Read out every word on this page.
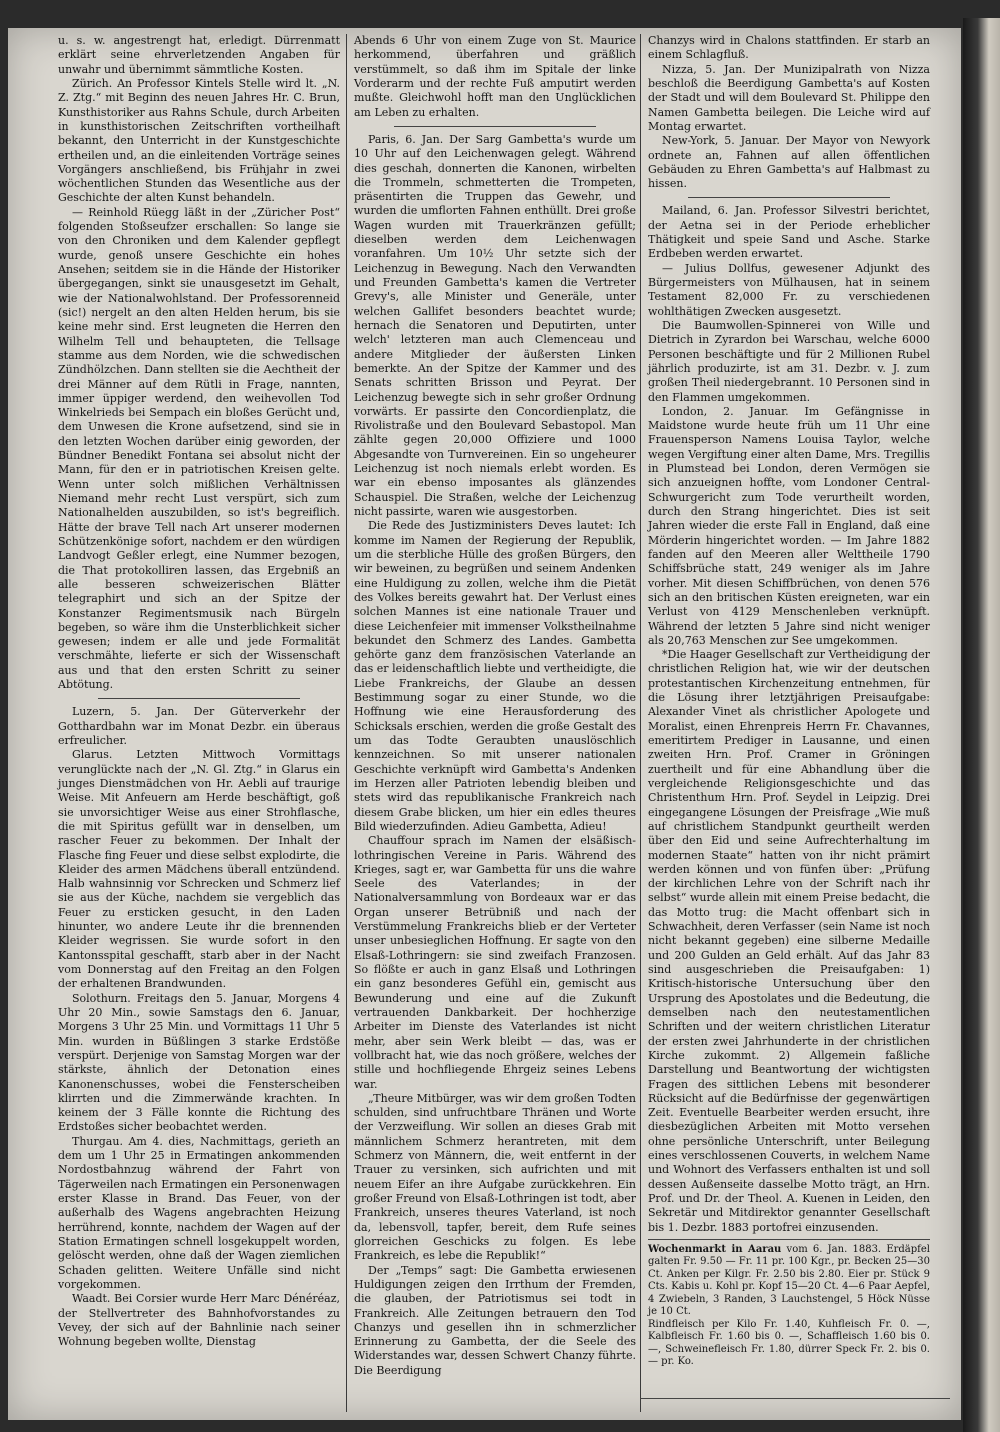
u. s. w. angestrengt hat, erledigt. Dürrenmatt erklärt seine ehrverletzenden Angaben für unwahr und übernimmt sämmtliche Kosten.

Zürich. An Professor Kintels Stelle wird lt. „N. Z. Ztg.“ mit Beginn des neuen Jahres Hr. C. Brun, Kunsthistoriker aus Rahns Schule, durch Arbeiten in kunsthistorischen Zeitschriften vortheilhaft bekannt, den Unterricht in der Kunstgeschichte ertheilen und, an die einleitenden Vorträge seines Vorgängers anschließend, bis Frühjahr in zwei wöchentlichen Stunden das Wesentliche aus der Geschichte der alten Kunst behandeln.

— Reinhold Rüegg läßt in der „Züricher Post“ folgenden Stoßseufzer erschallen: So lange sie von den Chroniken und dem Kalender gepflegt wurde, genoß unsere Geschichte ein hohes Ansehen; seitdem sie in die Hände der Historiker übergegangen, sinkt sie unausgesetzt im Gehalt, wie der Nationalwohlstand. Der Professorenneid (sic!) nergelt an den alten Helden herum, bis sie keine mehr sind. Erst leugneten die Herren den Wilhelm Tell und behaupteten, die Tellsage stamme aus dem Norden, wie die schwedischen Zündhölzchen. Dann stellten sie die Aechtheit der drei Männer auf dem Rütli in Frage, nannten, immer üppiger werdend, den weihevollen Tod Winkelrieds bei Sempach ein bloßes Gerücht und, dem Unwesen die Krone aufsetzend, sind sie in den letzten Wochen darüber einig geworden, der Bündner Benedikt Fontana sei absolut nicht der Mann, für den er in patriotischen Kreisen gelte. Wenn unter solch mißlichen Verhältnissen Niemand mehr recht Lust verspürt, sich zum Nationalhelden auszubilden, so ist's begreiflich. Hätte der brave Tell nach Art unserer modernen Schützenkönige sofort, nachdem er den würdigen Landvogt Geßler erlegt, eine Nummer bezogen, die That protokolliren lassen, das Ergebniß an alle besseren schweizerischen Blätter telegraphirt und sich an der Spitze der Konstanzer Regimentsmusik nach Bürgeln begeben, so wäre ihm die Unsterblichkeit sicher gewesen; indem er alle und jede Formalität verschmähte, lieferte er sich der Wissenschaft aus und that den ersten Schritt zu seiner Abtötung.

Luzern, 5. Jan. Der Güterverkehr der Gotthardbahn war im Monat Dezbr. ein überaus erfreulicher.

Glarus. Letzten Mittwoch Vormittags verunglückte nach der „N. Gl. Ztg.“ in Glarus ein junges Dienstmädchen von Hr. Aebli auf traurige Weise. Mit Anfeuern am Herde beschäftigt, goß sie unvorsichtiger Weise aus einer Strohflasche, die mit Spiritus gefüllt war in denselben, um rascher Feuer zu bekommen. Der Inhalt der Flasche fing Feuer und diese selbst explodirte, die Kleider des armen Mädchens überall entzündend. Halb wahnsinnig vor Schrecken und Schmerz lief sie aus der Küche, nachdem sie vergeblich das Feuer zu ersticken gesucht, in den Laden hinunter, wo andere Leute ihr die brennenden Kleider wegrissen. Sie wurde sofort in den Kantonsspital geschafft, starb aber in der Nacht vom Donnerstag auf den Freitag an den Folgen der erhaltenen Brandwunden.

Solothurn. Freitags den 5. Januar, Morgens 4 Uhr 20 Min., sowie Samstags den 6. Januar, Morgens 3 Uhr 25 Min. und Vormittags 11 Uhr 5 Min. wurden in Büßlingen 3 starke Erdstöße verspürt. Derjenige von Samstag Morgen war der stärkste, ähnlich der Detonation eines Kanonenschusses, wobei die Fensterscheiben klirrten und die Zimmerwände krachten. In keinem der 3 Fälle konnte die Richtung des Erdstoßes sicher beobachtet werden.

Thurgau. Am 4. dies, Nachmittags, gerieth an dem um 1 Uhr 25 in Ermatingen ankommenden Nordostbahnzug während der Fahrt von Tägerweilen nach Ermatingen ein Personenwagen erster Klasse in Brand. Das Feuer, von der außerhalb des Wagens angebrachten Heizung herrührend, konnte, nachdem der Wagen auf der Station Ermatingen schnell losgekuppelt worden, gelöscht werden, ohne daß der Wagen ziemlichen Schaden gelitten. Weitere Unfälle sind nicht vorgekommen.

Waadt. Bei Corsier wurde Herr Marc Dénéréaz, der Stellvertreter des Bahnhofvorstandes zu Vevey, der sich auf der Bahnlinie nach seiner Wohnung begeben wollte, Dienstag

Abends 6 Uhr von einem Zuge von St. Maurice herkommend, überfahren und gräßlich verstümmelt, so daß ihm im Spitale der linke Vorderarm und der rechte Fuß amputirt werden mußte. Gleichwohl hofft man den Unglücklichen am Leben zu erhalten.

Paris, 6. Jan. Der Sarg Gambetta's wurde um 10 Uhr auf den Leichenwagen gelegt. Während dies geschah, donnerten die Kanonen, wirbelten die Trommeln, schmetterten die Trompeten, präsentirten die Truppen das Gewehr, und wurden die umflorten Fahnen enthüllt. Drei große Wagen wurden mit Trauerkränzen gefüllt; dieselben werden dem Leichenwagen voranfahren. Um 10½ Uhr setzte sich der Leichenzug in Bewegung. Nach den Verwandten und Freunden Gambetta's kamen die Vertreter Grevy's, alle Minister und Generäle, unter welchen Gallifet besonders beachtet wurde; hernach die Senatoren und Deputirten, unter welch' letzteren man auch Clemenceau und andere Mitglieder der äußersten Linken bemerkte. An der Spitze der Kammer und des Senats schritten Brisson und Peyrat. Der Leichenzug bewegte sich in sehr großer Ordnung vorwärts. Er passirte den Concordienplatz, die Rivolistraße und den Boulevard Sebastopol. Man zählte gegen 20,000 Offiziere und 1000 Abgesandte von Turnvereinen. Ein so ungeheurer Leichenzug ist noch niemals erlebt worden. Es war ein ebenso imposantes als glänzendes Schauspiel. Die Straßen, welche der Leichenzug nicht passirte, waren wie ausgestorben.

Die Rede des Justizministers Deves lautet: Ich komme im Namen der Regierung der Republik, um die sterbliche Hülle des großen Bürgers, den wir beweinen, zu begrüßen und seinem Andenken eine Huldigung zu zollen, welche ihm die Pietät des Volkes bereits gewahrt hat. Der Verlust eines solchen Mannes ist eine nationale Trauer und diese Leichenfeier mit immenser Volkstheilnahme bekundet den Schmerz des Landes. Gambetta gehörte ganz dem französischen Vaterlande an das er leidenschaftlich liebte und vertheidigte, die Liebe Frankreichs, der Glaube an dessen Bestimmung sogar zu einer Stunde, wo die Hoffnung wie eine Herausforderung des Schicksals erschien, werden die große Gestalt des um das Todte Geraubten unauslöschlich kennzeichnen. So mit unserer nationalen Geschichte verknüpft wird Gambetta's Andenken im Herzen aller Patrioten lebendig bleiben und stets wird das republikanische Frankreich nach diesem Grabe blicken, um hier ein edles theures Bild wiederzufinden. Adieu Gambetta, Adieu!

Chauffour sprach im Namen der elsäßisch-lothringischen Vereine in Paris. Während des Krieges, sagt er, war Gambetta für uns die wahre Seele des Vaterlandes; in der Nationalversammlung von Bordeaux war er das Organ unserer Betrübniß und nach der Verstümmelung Frankreichs blieb er der Verteter unser unbesieglichen Hoffnung. Er sagte von den Elsaß-Lothringern: sie sind zweifach Franzosen. So flößte er auch in ganz Elsaß und Lothringen ein ganz besonderes Gefühl ein, gemischt aus Bewunderung und eine auf die Zukunft vertrauenden Dankbarkeit. Der hochherzige Arbeiter im Dienste des Vaterlandes ist nicht mehr, aber sein Werk bleibt — das, was er vollbracht hat, wie das noch größere, welches der stille und hochfliegende Ehrgeiz seines Lebens war.

„Theure Mitbürger, was wir dem großen Todten schulden, sind unfruchtbare Thränen und Worte der Verzweiflung. Wir sollen an dieses Grab mit männlichem Schmerz herantreten, mit dem Schmerz von Männern, die, weit entfernt in der Trauer zu versinken, sich aufrichten und mit neuem Eifer an ihre Aufgabe zurückkehren. Ein großer Freund von Elsaß-Lothringen ist todt, aber Frankreich, unseres theures Vaterland, ist noch da, lebensvoll, tapfer, bereit, dem Rufe seines glorreichen Geschicks zu folgen. Es lebe Frankreich, es lebe die Republik!“

Der „Temps“ sagt: Die Gambetta erwiesenen Huldigungen zeigen den Irrthum der Fremden, die glauben, der Patriotismus sei todt in Frankreich. Alle Zeitungen betrauern den Tod Chanzys und gesellen ihn in schmerzlicher Erinnerung zu Gambetta, der die Seele des Widerstandes war, dessen Schwert Chanzy führte. Die Beerdigung

Chanzys wird in Chalons stattfinden. Er starb an einem Schlagfluß.

Nizza, 5. Jan. Der Munizipalrath von Nizza beschloß die Beerdigung Gambetta's auf Kosten der Stadt und will dem Boulevard St. Philippe den Namen Gambetta beilegen. Die Leiche wird auf Montag erwartet.

New-York, 5. Januar. Der Mayor von Newyork ordnete an, Fahnen auf allen öffentlichen Gebäuden zu Ehren Gambetta's auf Halbmast zu hissen.

Mailand, 6. Jan. Professor Silvestri berichtet, der Aetna sei in der Periode erheblicher Thätigkeit und speie Sand und Asche. Starke Erdbeben werden erwartet.

— Julius Dollfus, gewesener Adjunkt des Bürgermeisters von Mülhausen, hat in seinem Testament 82,000 Fr. zu verschiedenen wohlthätigen Zwecken ausgesetzt.

Die Baumwollen-Spinnerei von Wille und Dietrich in Zyrardon bei Warschau, welche 6000 Personen beschäftigte und für 2 Millionen Rubel jährlich produzirte, ist am 31. Dezbr. v. J. zum großen Theil niedergebrannt. 10 Personen sind in den Flammen umgekommen.

London, 2. Januar. Im Gefängnisse in Maidstone wurde heute früh um 11 Uhr eine Frauensperson Namens Louisa Taylor, welche wegen Vergiftung einer alten Dame, Mrs. Tregillis in Plumstead bei London, deren Vermögen sie sich anzueignen hoffte, vom Londoner Central-Schwurgericht zum Tode verurtheilt worden, durch den Strang hingerichtet. Dies ist seit Jahren wieder die erste Fall in England, daß eine Mörderin hingerichtet worden. — Im Jahre 1882 fanden auf den Meeren aller Welttheile 1790 Schiffsbrüche statt, 249 weniger als im Jahre vorher. Mit diesen Schiffbrüchen, von denen 576 sich an den britischen Küsten ereigneten, war ein Verlust von 4129 Menschenleben verknüpft. Während der letzten 5 Jahre sind nicht weniger als 20,763 Menschen zur See umgekommen.

*Die Haager Gesellschaft zur Vertheidigung der christlichen Religion hat, wie wir der deutschen protestantischen Kirchenzeitung entnehmen, für die Lösung ihrer letztjährigen Preisaufgabe: Alexander Vinet als christlicher Apologete und Moralist, einen Ehrenpreis Herrn Fr. Chavannes, emeritirtem Prediger in Lausanne, und einen zweiten Hrn. Prof. Cramer in Gröningen zuertheilt und für eine Abhandlung über die vergleichende Religionsgeschichte und das Christenthum Hrn. Prof. Seydel in Leipzig. Drei eingegangene Lösungen der Preisfrage „Wie muß auf christlichem Standpunkt geurtheilt werden über den Eid und seine Aufrechterhaltung im modernen Staate“ hatten von ihr nicht prämirt werden können und von fünfen über: „Prüfung der kirchlichen Lehre von der Schrift nach ihr selbst“ wurde allein mit einem Preise bedacht, die das Motto trug: die Macht offenbart sich in Schwachheit, deren Verfasser (sein Name ist noch nicht bekannt gegeben) eine silberne Medaille und 200 Gulden an Geld erhält. Auf das Jahr 83 sind ausgeschrieben die Preisaufgaben: 1) Kritisch-historische Untersuchung über den Ursprung des Apostolates und die Bedeutung, die demselben nach den neutestamentlichen Schriften und der weitern christlichen Literatur der ersten zwei Jahrhunderte in der christlichen Kirche zukommt. 2) Allgemein faßliche Darstellung und Beantwortung der wichtigsten Fragen des sittlichen Lebens mit besonderer Rücksicht auf die Bedürfnisse der gegenwärtigen Zeit. Eventuelle Bearbeiter werden ersucht, ihre diesbezüglichen Arbeiten mit Motto versehen ohne persönliche Unterschrift, unter Beilegung eines verschlossenen Couverts, in welchem Name und Wohnort des Verfassers enthalten ist und soll dessen Außenseite dasselbe Motto trägt, an Hrn. Prof. und Dr. der Theol. A. Kuenen in Leiden, den Sekretär und Mitdirektor genannter Gesellschaft bis 1. Dezbr. 1883 portofrei einzusenden.

Wochenmarkt in Aarau vom 6. Jan. 1883. Erdäpfel galten Fr. 9.50 — Fr. 11 pr. 100 Kgr., pr. Becken 25—30 Ct. Anken per Kilgr. Fr. 2.50 bis 2.80. Eier pr. Stück 9 Cts. Kabis u. Kohl pr. Kopf 15—20 Ct. 4—6 Paar Aepfel, 4 Zwiebeln, 3 Randen, 3 Lauchstengel, 5 Höck Nüsse je 10 Ct.
Rindfleisch per Kilo Fr. 1.40, Kuhfleisch Fr. 0. —, Kalbfleisch Fr. 1.60 bis 0. —, Schaffleisch 1.60 bis 0. —, Schweinefleisch Fr. 1.80, dürrer Speck Fr. 2. bis 0. — pr. Ko.
